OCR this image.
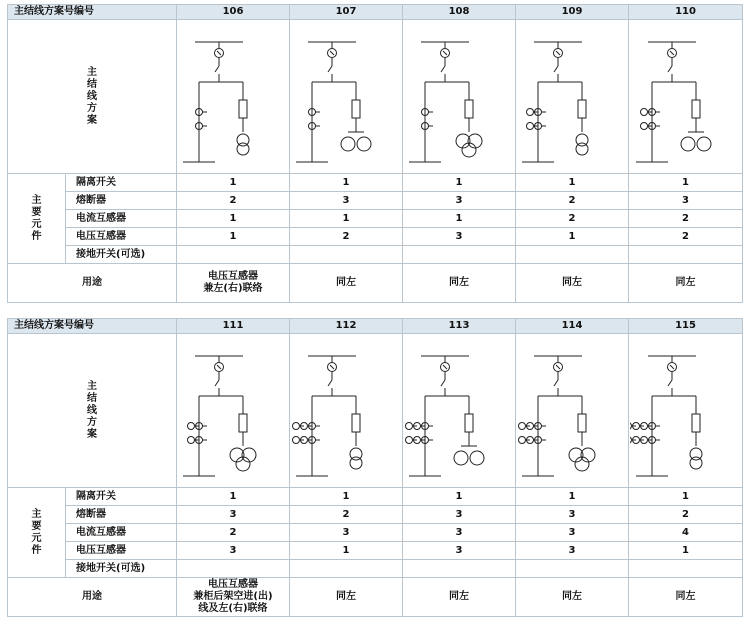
主结线方案号编号		106	107	108	109	110

主
结
线
方
案

主
要
元
件	隔离开关	1	1	1	1	1
	熔断器	2	3	3	2	3
	电流互感器	1	1	1	2	2
	电压互感器	1	2	3	1	2
	接地开关(可选)					
用途		电压互感器
兼左(右)联络	同左	同左	同左	同左
主结线方案号编号		111	112	113	114	115

主
结
线
方
案

主
要
元
件	隔离开关	1	1	1	1	1
	熔断器	3	2	3	3	2
	电流互感器	2	3	3	3	4
	电压互感器	3	1	3	3	1
	接地开关(可选)					
用途		电压互感器
兼柜后架空进(出)
线及左(右)联络	同左	同左	同左	同左
